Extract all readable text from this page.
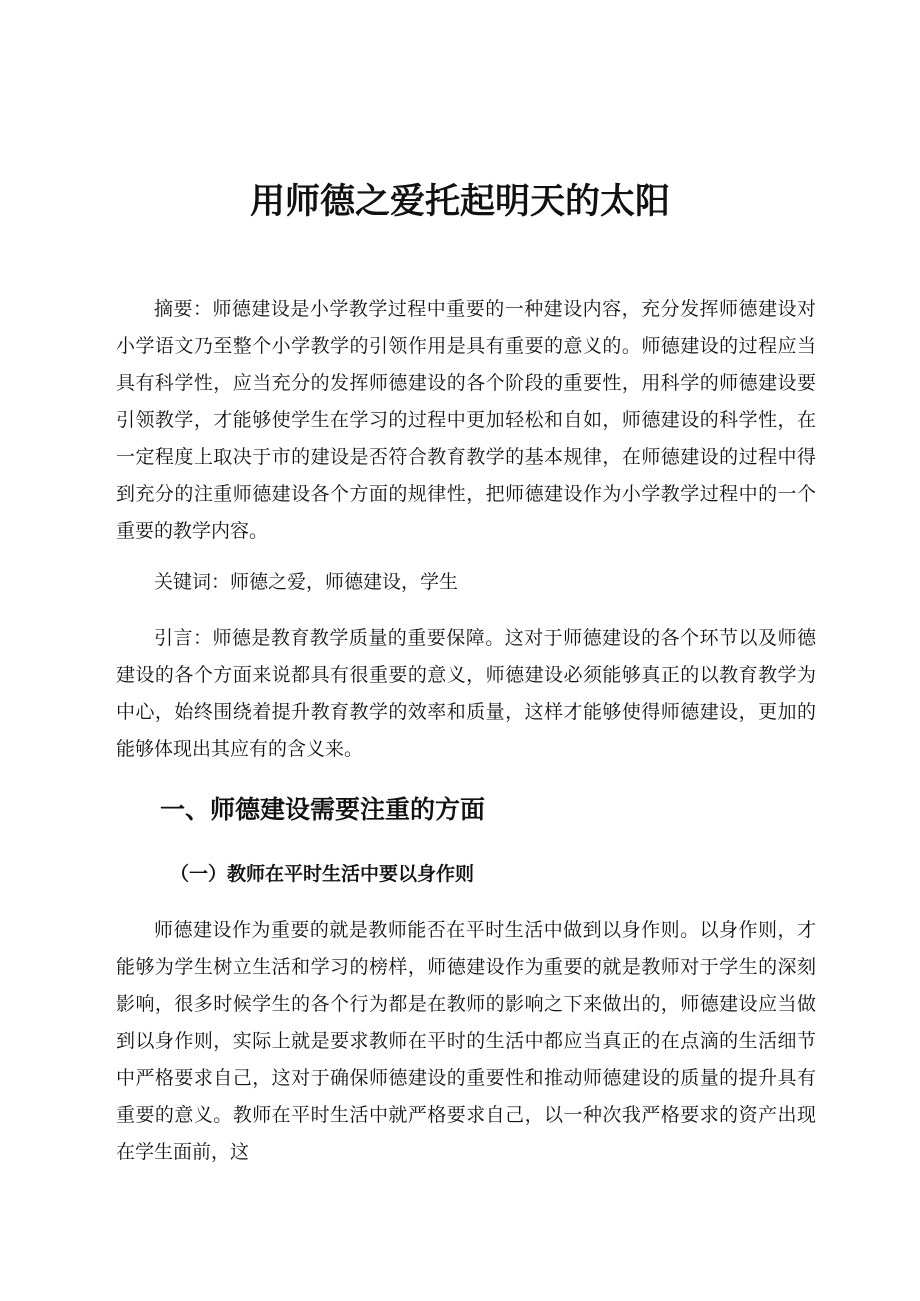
用师德之爱托起明天的太阳

摘要：师德建设是小学教学过程中重要的一种建设内容，充分发挥师德建设对小学语文乃至整个小学教学的引领作用是具有重要的意义的。师德建设的过程应当具有科学性，应当充分的发挥师德建设的各个阶段的重要性，用科学的师德建设要引领教学，才能够使学生在学习的过程中更加轻松和自如，师德建设的科学性，在一定程度上取决于市的建设是否符合教育教学的基本规律，在师德建设的过程中得到充分的注重师德建设各个方面的规律性，把师德建设作为小学教学过程中的一个重要的教学内容。

关键词：师德之爱，师德建设，学生

引言：师德是教育教学质量的重要保障。这对于师德建设的各个环节以及师德建设的各个方面来说都具有很重要的意义，师德建设必须能够真正的以教育教学为中心，始终围绕着提升教育教学的效率和质量，这样才能够使得师德建设，更加的能够体现出其应有的含义来。

一、师德建设需要注重的方面
（一）教师在平时生活中要以身作则

师德建设作为重要的就是教师能否在平时生活中做到以身作则。以身作则，才能够为学生树立生活和学习的榜样，师德建设作为重要的就是教师对于学生的深刻影响，很多时候学生的各个行为都是在教师的影响之下来做出的，师德建设应当做到以身作则，实际上就是要求教师在平时的生活中都应当真正的在点滴的生活细节中严格要求自己，这对于确保师德建设的重要性和推动师德建设的质量的提升具有重要的意义。教师在平时生活中就严格要求自己，以一种次我严格要求的资产出现在学生面前，这
